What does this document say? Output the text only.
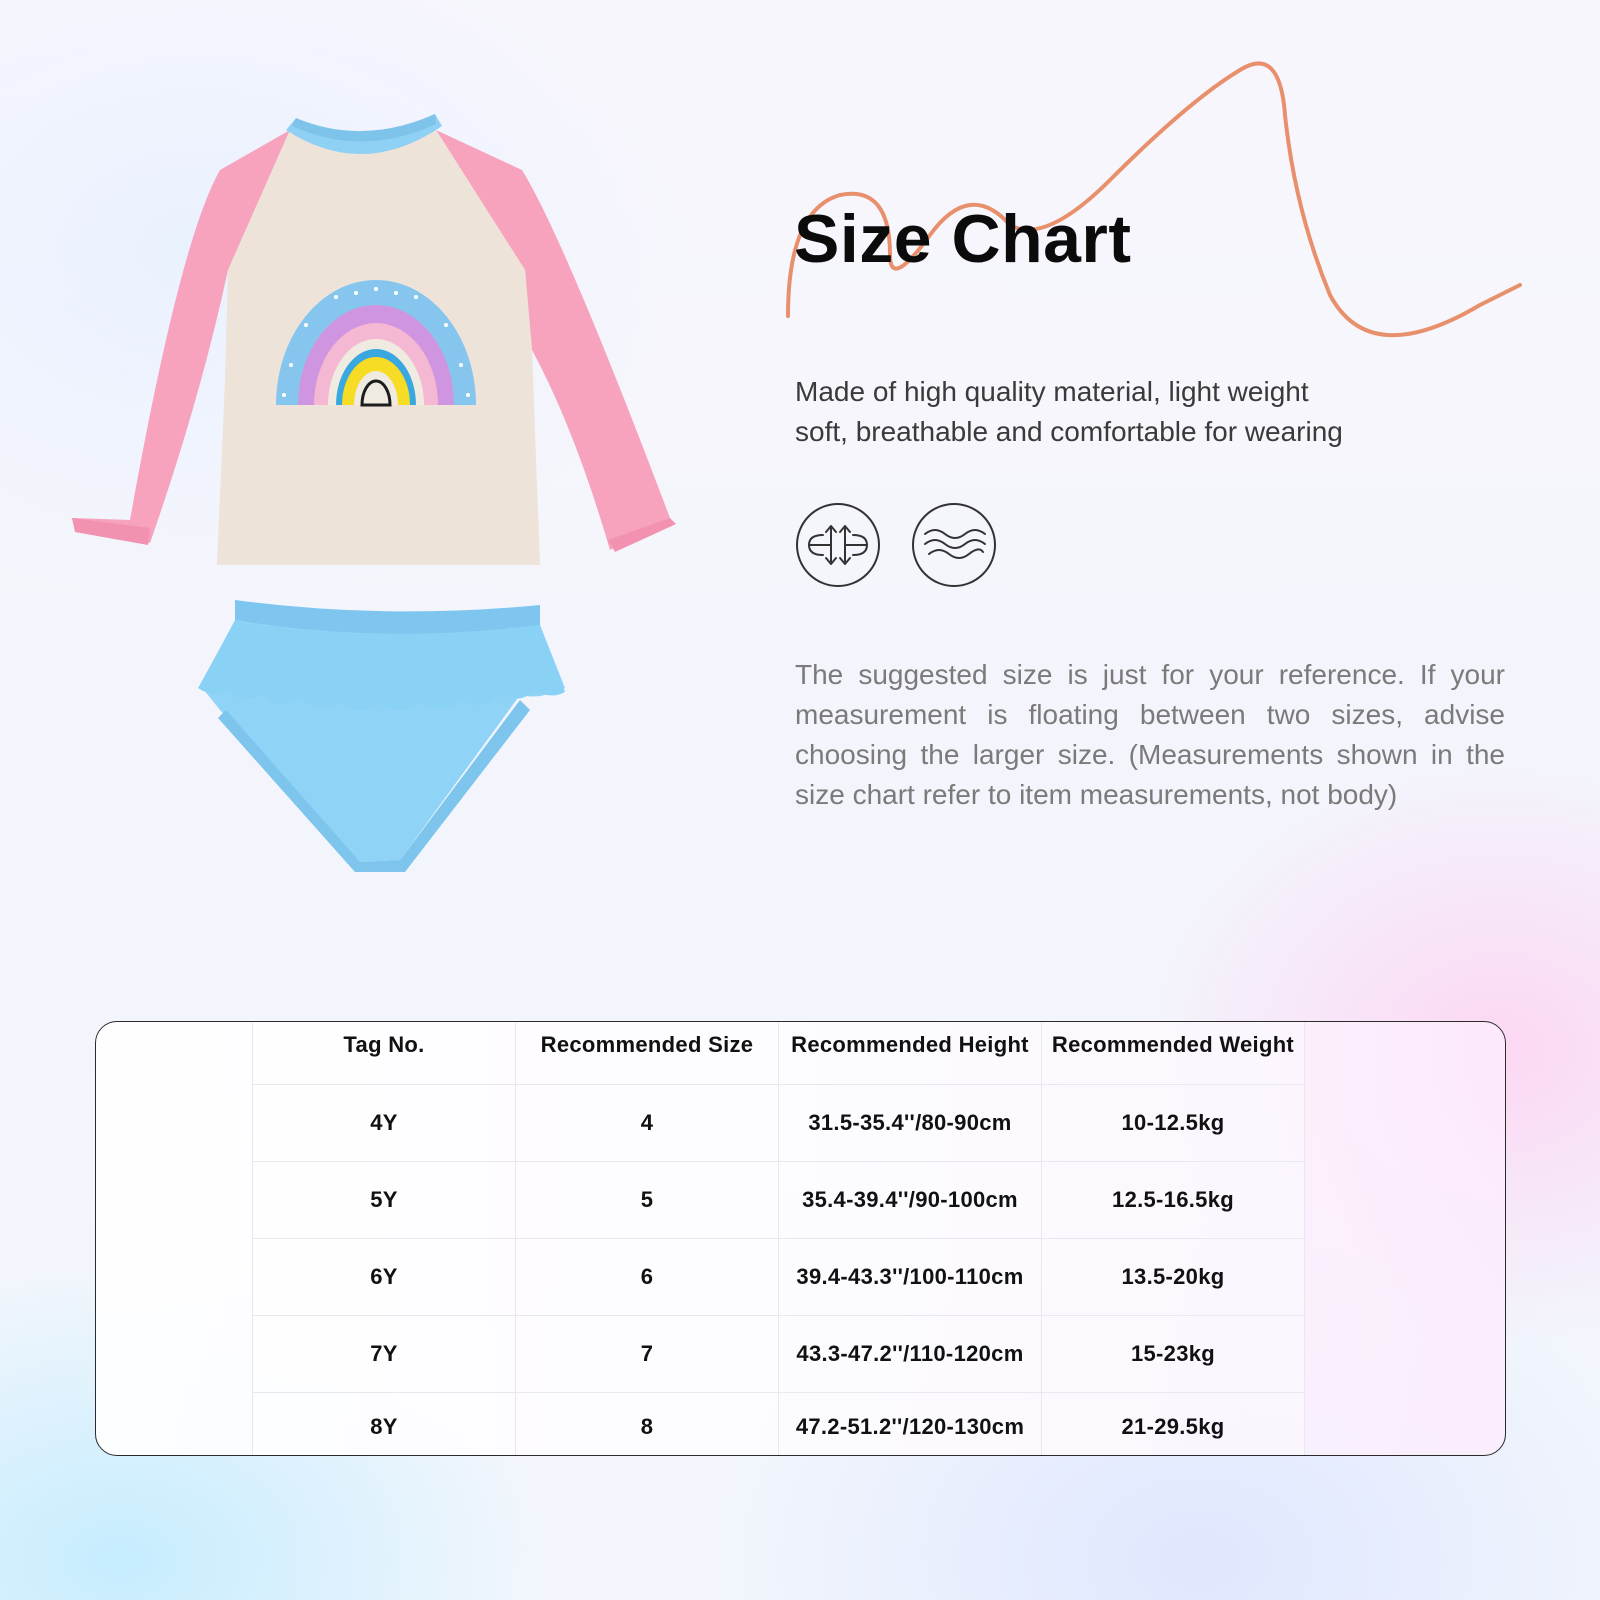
Size Chart
Made of high quality material, light weight
soft, breathable and comfortable for wearing

The suggested size is just for your reference. If your measurement is floating between two sizes, advise choosing the larger size. (Measurements shown in the size chart refer to item measurements, not body)

Tag No.	Recommended Size	Recommended Height	Recommended Weight
4Y	4	31.5-35.4''/80-90cm	10-12.5kg
5Y	5	35.4-39.4''/90-100cm	12.5-16.5kg
6Y	6	39.4-43.3''/100-110cm	13.5-20kg
7Y	7	43.3-47.2''/110-120cm	15-23kg
8Y	8	47.2-51.2''/120-130cm	21-29.5kg
